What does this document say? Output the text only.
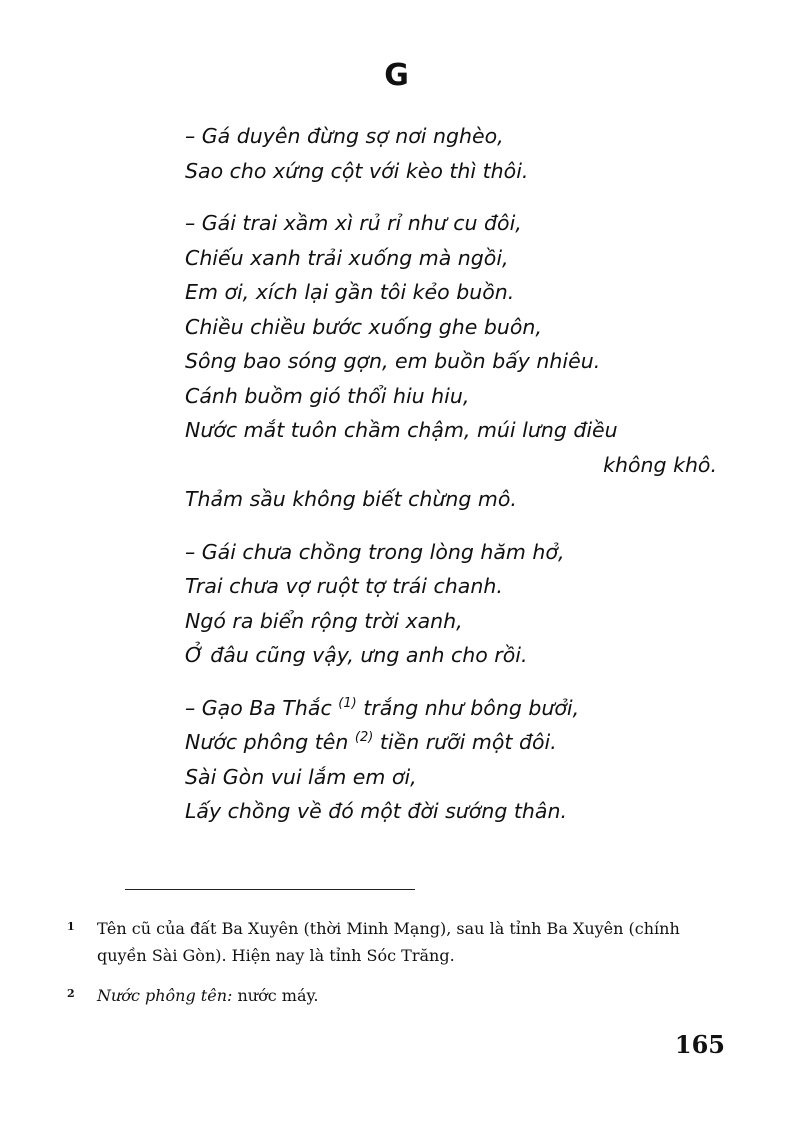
G
– Gá duyên đừng sợ nơi nghèo,
Sao cho xứng cột với kèo thì thôi.
– Gái trai xầm xì rủ rỉ như cu đôi,
Chiếu xanh trải xuống mà ngồi,
Em ơi, xích lại gần tôi kẻo buồn.
Chiều chiều bước xuống ghe buôn,
Sông bao sóng gợn, em buồn bấy nhiêu.
Cánh buồm gió thổi hiu hiu,
Nước mắt tuôn chầm chậm, múi lưng điều
không khô.
Thảm sầu không biết chừng mô.
– Gái chưa chồng trong lòng hăm hở,
Trai chưa vợ ruột tợ trái chanh.
Ngó ra biển rộng trời xanh,
Ở đâu cũng vậy, ưng anh cho rồi.
– Gạo Ba Thắc $^{(1)}$ trắng như bông bưởi,
Nước phông tên $^{(2)}$ tiền rưỡi một đôi.
Sài Gòn vui lắm em ơi,
Lấy chồng về đó một đời sướng thân.
1 Tên cũ của đất Ba Xuyên (thời Minh Mạng), sau là tỉnh Ba Xuyên (chính quyền Sài Gòn). Hiện nay là tỉnh Sóc Trăng.
2 Nước phông tên: nước máy.
165
